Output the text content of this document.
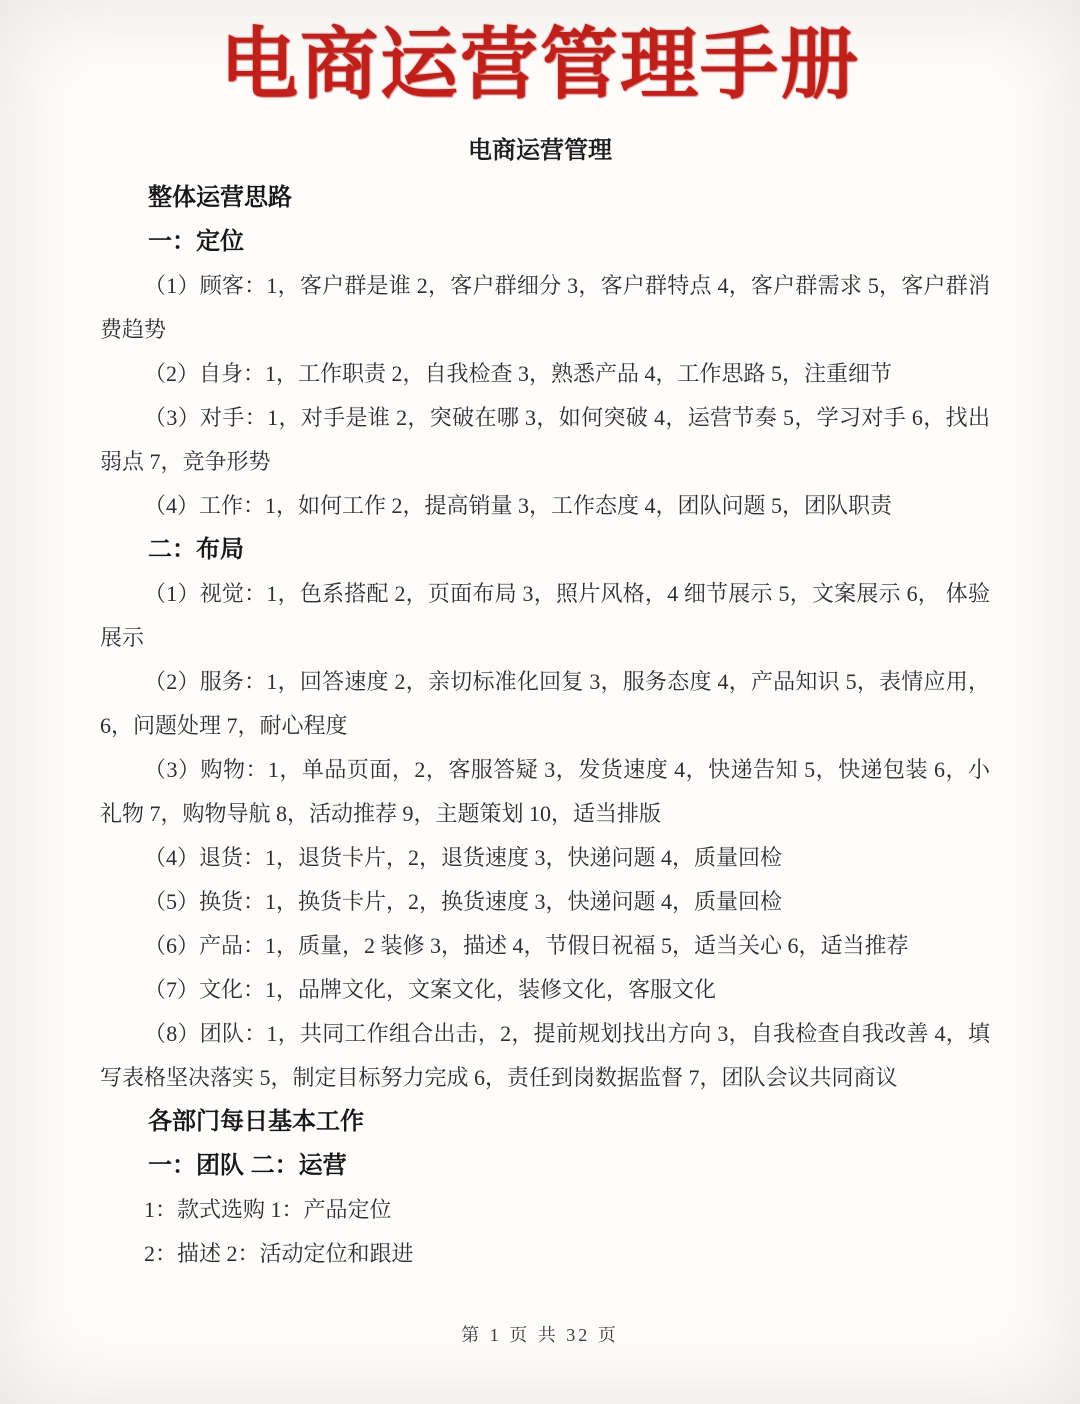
电商运营管理手册
电商运营管理
整体运营思路
一：定位

（1）顾客：1，客户群是谁 2，客户群细分 3，客户群特点 4，客户群需求 5，客户群消费趋势

（2）自身：1，工作职责 2，自我检查 3，熟悉产品 4，工作思路 5，注重细节

（3）对手：1，对手是谁 2，突破在哪 3，如何突破 4，运营节奏 5，学习对手 6，找出弱点 7，竞争形势

（4）工作：1，如何工作 2，提高销量 3，工作态度 4，团队问题 5，团队职责

二：布局

（1）视觉：1，色系搭配 2，页面布局 3，照片风格，4 细节展示 5，文案展示 6， 体验展示

（2）服务：1，回答速度 2，亲切标准化回复 3，服务态度 4，产品知识 5，表情应用，6，问题处理 7，耐心程度

（3）购物：1，单品页面，2，客服答疑 3，发货速度 4，快递告知 5，快递包装 6，小礼物 7，购物导航 8，活动推荐 9，主题策划 10，适当排版

（4）退货：1，退货卡片，2，退货速度 3，快递问题 4，质量回检

（5）换货：1，换货卡片，2，换货速度 3，快递问题 4，质量回检

（6）产品：1，质量，2 装修 3，描述 4，节假日祝福 5，适当关心 6，适当推荐

（7）文化：1，品牌文化，文案文化，装修文化，客服文化

（8）团队：1，共同工作组合出击，2，提前规划找出方向 3，自我检查自我改善 4，填写表格坚决落实 5，制定目标努力完成 6，责任到岗数据监督 7，团队会议共同商议

各部门每日基本工作
一：团队 二：运营

1：款式选购 1：产品定位

2：描述 2：活动定位和跟进

第 1 页 共 32 页
